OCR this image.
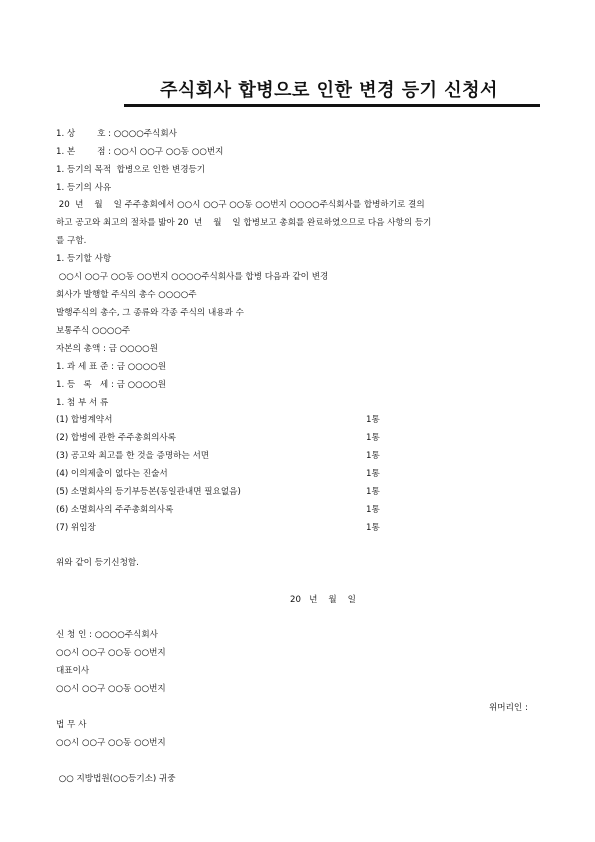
주식회사 합병으로 인한 변경 등기 신청서
1. 상        호 : ○○○○주식회사
1. 본        점 : ○○시 ○○구 ○○동 ○○번지
1. 등기의 목적  합병으로 인한 변경등기
1. 등기의 사유
20  년    월    일 주주총회에서 ○○시 ○○구 ○○동 ○○번지 ○○○○주식회사를 합병하기로 결의
하고 공고와 최고의 절차를 밟아 20  년    월    일 합병보고 총회를 완료하였으므로 다음 사항의 등기
를 구함.
1. 등기할 사항
○○시 ○○구 ○○동 ○○번지 ○○○○주식회사를 합병 다음과 같이 변경
회사가 발행할 주식의 총수 ○○○○주
발행주식의 총수, 그 종류와 각종 주식의 내용과 수
보통주식 ○○○○주
자본의 총액 : 금 ○○○○원
1. 과 세 표 준 : 금 ○○○○원
1. 등   록   세 : 금 ○○○○원
1. 첨 부 서 류
(1) 합병계약서	1통
(2) 합병에 관한 주주총회의사록	1통
(3) 공고와 최고를 한 것을 증명하는 서면	1통
(4) 이의제출이 없다는 진술서	1통
(5) 소멸회사의 등기부등본(동일관내면 필요없음)	1통
(6) 소멸회사의 주주총회의사록	1통
(7) 위임장	1통
위와 같이 등기신청함.
20   년    월    일
신 청 인 : ○○○○주식회사
○○시 ○○구 ○○동 ○○번지
대표이사
○○시 ○○구 ○○동 ○○번지
위머리인 :
법 무 사
○○시 ○○구 ○○동 ○○번지
○○ 지방법원(○○등기소) 귀중
